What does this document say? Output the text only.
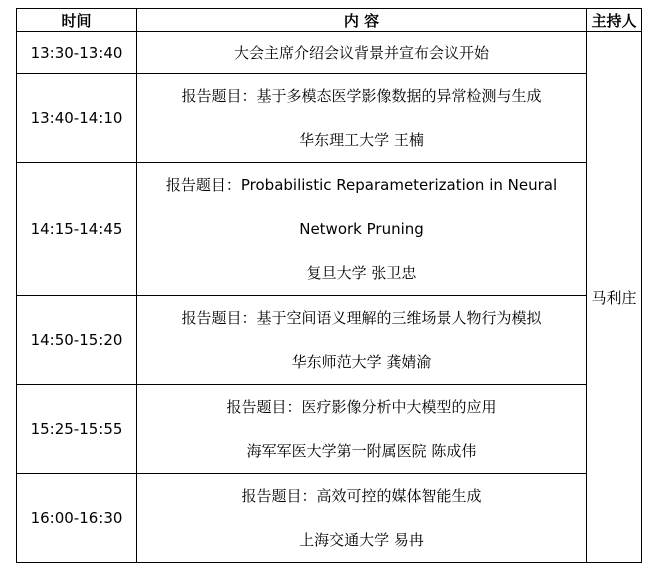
时间	内 容	主持人
13:30-13:40	大会主席介绍会议背景并宣布会议开始	马利庄
13:40-14:10	报告题目：基于多模态医学影像数据的异常检测与生成
华东理工大学 王楠	

14:15-14:45	报告题目：Probabilistic Reparameterization in Neural
Network Pruning
复旦大学 张卫忠	

14:50-15:20	报告题目：基于空间语义理解的三维场景人物行为模拟
华东师范大学 龚婧渝	

15:25-15:55	报告题目：医疗影像分析中大模型的应用
海军军医大学第一附属医院 陈成伟	

16:00-16:30	报告题目：高效可控的媒体智能生成
上海交通大学 易冉	
